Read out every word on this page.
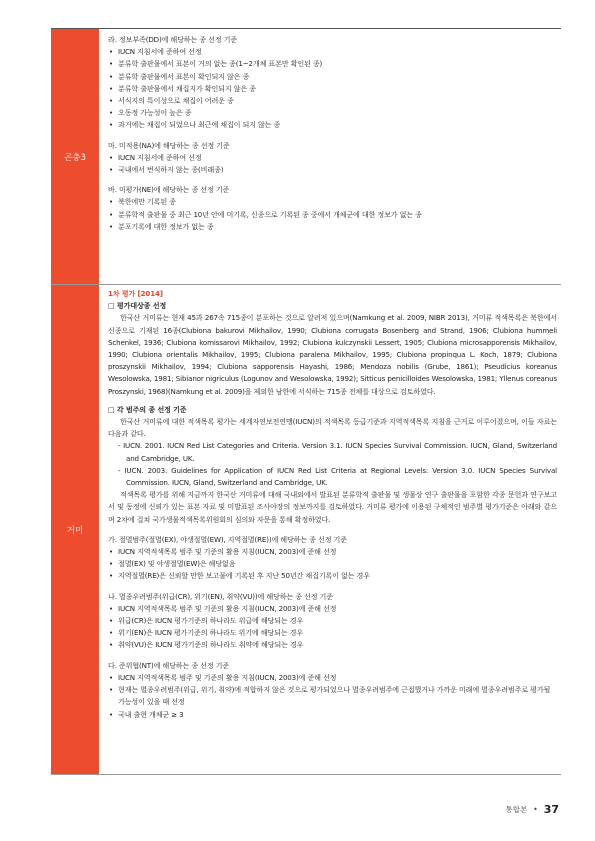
곤충3
라. 정보부족(DD)에 해당하는 종 선정 기준
• IUCN 지침서에 준하여 선정
• 분류학 출판물에서 표본이 거의 없는 종(1~2개체 표본만 확인된 종)
• 분류학 출판물에서 표본이 확인되지 않은 종
• 분류학 출판물에서 채집지가 확인되지 않은 종
• 서식지의 특이성으로 채집이 어려운 종
• 오동정 가능성이 높은 종
• 과거에는 채집이 되었으나 최근에 채집이 되지 않는 종
마. 미적용(NA)에 해당하는 종 선정 기준
• IUCN 지침서에 준하여 선정
• 국내에서 번식하지 않는 종(비래종)
바. 미평가(NE)에 해당하는 종 선정 기준
• 북한에만 기록된 종
• 분류학적 출판물 중 최근 10년 안에 미기록, 신종으로 기록된 종 중에서 개체군에 대한 정보가 없는 종
• 분포기록에 대한 정보가 없는 종
거미
1차 평가 [2014]
□ 평가대상종 선정
한국산 거미류는 현재 45과 267속 715종이 분포하는 것으로 알려져 있으며(Namkung et al. 2009, NIBR 2013), 거미류 적색목록은 북한에서 신종으로 기재된 16종(Clubiona bakurovi Mikhailov, 1990; Clubiona corrugata Bosenberg and Strand, 1906; Clubiona hummeli Schenkel, 1936; Clubiona komissarovi Mikhailov, 1992; Clubiona kulczynskii Lessert, 1905; Clubiona microsapporensis Mikhailov, 1990; Clubiona orientalis Mikhailov, 1995; Clubiona paralena Mikhailov, 1995; Clubiona propinqua L. Koch, 1879; Clubiona proszynskii Mikhailov, 1994; Clubiona sapporensis Hayashi, 1986; Mendoza nobilis (Grube, 1861); Pseudicius koreanus Wesolowska, 1981; Sibianor nigriculus (Logunov and Wesolowska, 1992); Sitticus penicilloides Wesolowska, 1981; Yllenus coreanus Proszynski, 1968)(Namkung et al. 2009)을 제외한 남한에 서식하는 715종 전체를 대상으로 검토하였다.
□ 각 범주의 종 선정 기준
한국산 거미류에 대한 적색목록 평가는 세계자연보전연맹(IUCN)의 적색목록 등급기준과 지역적색목록 지침을 근거로 이루어졌으며, 이들 자료는 다음과 같다.
- IUCN. 2001. IUCN Red List Categories and Criteria. Version 3.1. IUCN Species Survival Commission. IUCN, Gland, Switzerland and Cambridge, UK.
- IUCN. 2003. Guidelines for Application of IUCN Red List Criteria at Regional Levels: Version 3.0. IUCN Species Survival Commission. IUCN, Gland, Switzerland and Cambridge, UK.
적색목록 평가를 위해 지금까지 한국산 거미류에 대해 국내외에서 발표된 분류학적 출판물 및 생물상 연구 출판물을 포함한 각종 문헌과 연구보고서 및 동정에 신뢰가 있는 표본 자료 및 미발표된 조사야장의 정보까지를 검토하였다. 거미류 평가에 이용된 구체적인 범주별 평가기준은 아래와 같으며 2차에 걸쳐 국가생물적색목록위원회의 심의와 자문을 통해 확정하였다.
가. 절멸범주(절멸(EX), 야생절멸(EW), 지역절멸(RE))에 해당하는 종 선정 기준
• IUCN 지역적색목록 범주 및 기준의 활용 지침(IUCN, 2003)에 준해 선정
• 절멸(EX) 및 야생절멸(EW)은 해당없음
• 지역절멸(RE)은 신뢰할 만한 보고물에 기록된 후 지난 50년간 채집기록이 없는 경우
나. 멸종우려범주(위급(CR), 위기(EN), 취약(VU))에 해당하는 종 선정 기준
• IUCN 지역적색목록 범주 및 기준의 활용 지침(IUCN, 2003)에 준해 선정
• 위급(CR)은 IUCN 평가기준의 하나라도 위급에 해당되는 경우
• 위기(EN)은 IUCN 평가기준의 하나라도 위기에 해당되는 경우
• 취약(VU)은 IUCN 평가기준의 하나라도 취약에 해당되는 경우
다. 준위협(NT)에 해당하는 종 선정 기준
• IUCN 지역적색목록 범주 및 기준의 활용 지침(IUCN, 2003)에 준해 선정
• 현재는 멸종우려범주(위급, 위기, 취약)에 적합하지 않은 것으로 평가되었으나 멸종우려범주에 근접했거나 가까운 미래에 멸종우려범주로 평가될 가능성이 있을 때 선정
• 국내 출현 개체군 ≥ 3
통합본 • 37
